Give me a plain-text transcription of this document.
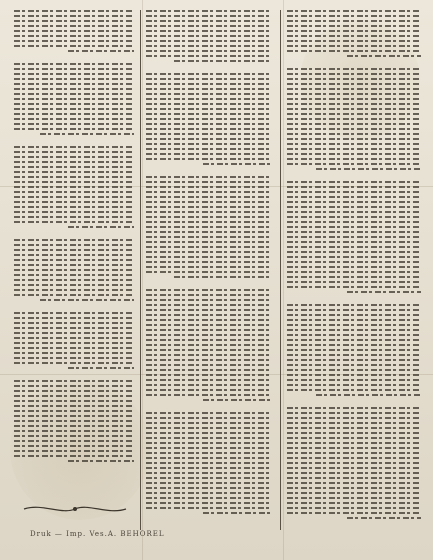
Druk — Imp. Ves.A. BEHOREL
